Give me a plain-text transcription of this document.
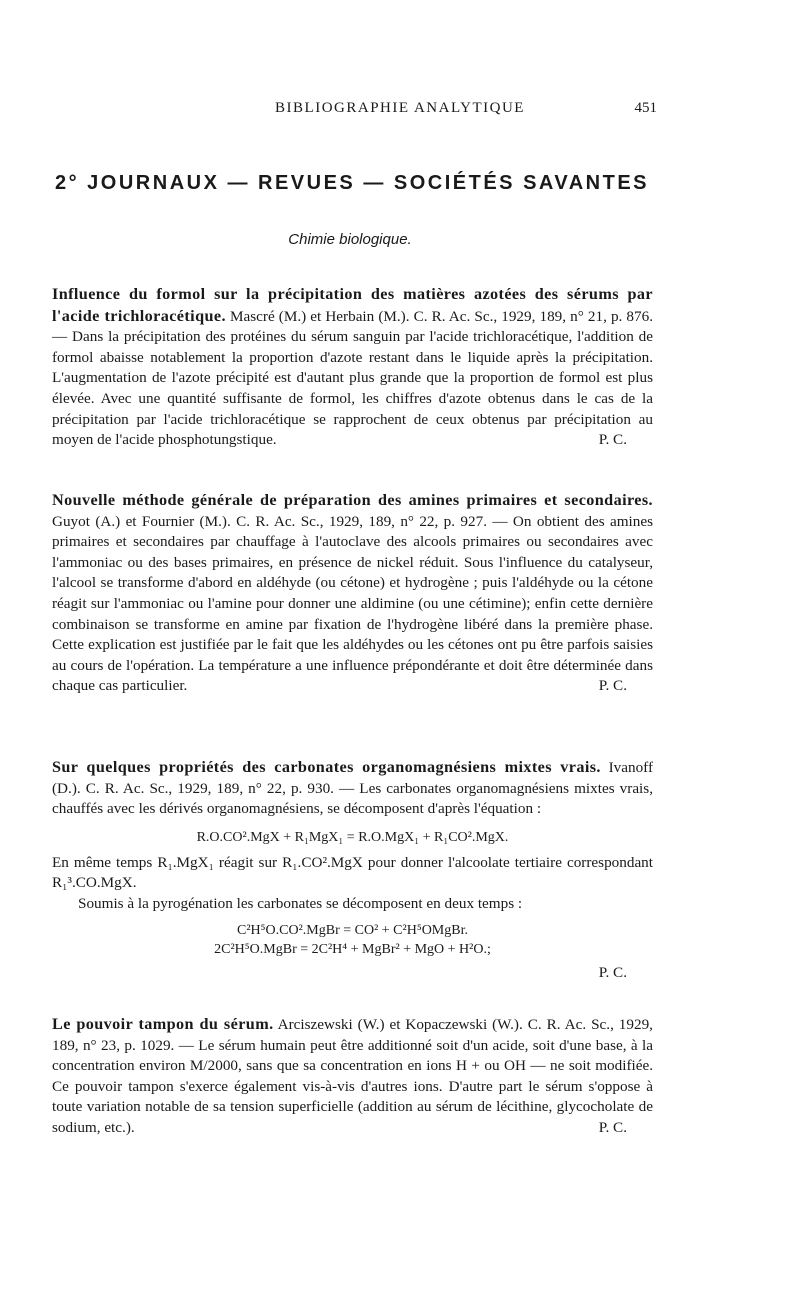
BIBLIOGRAPHIE ANALYTIQUE	451
2° JOURNAUX — REVUES — SOCIÉTÉS SAVANTES
Chimie biologique.

Influence du formol sur la précipitation des matières azotées des sérums par l'acide trichloracétique. Mascré (M.) et Herbain (M.). C. R. Ac. Sc., 1929, 189, n° 21, p. 876. — Dans la précipitation des protéines du sérum sanguin par l'acide trichloracétique, l'addition de formol abaisse notablement la proportion d'azote restant dans le liquide après la précipitation. L'augmentation de l'azote précipité est d'autant plus grande que la proportion de formol est plus élevée. Avec une quantité suffisante de formol, les chiffres d'azote obtenus dans le cas de la précipitation par l'acide trichloracétique se rapprochent de ceux obtenus par précipitation au moyen de l'acide phosphotungstique.	P. C.

Nouvelle méthode générale de préparation des amines primaires et secondaires. Guyot (A.) et Fournier (M.). C. R. Ac. Sc., 1929, 189, n° 22, p. 927. — On obtient des amines primaires et secondaires par chauffage à l'autoclave des alcools primaires ou secondaires avec l'ammoniac ou des bases primaires, en présence de nickel réduit. Sous l'influence du catalyseur, l'alcool se transforme d'abord en aldéhyde (ou cétone) et hydrogène ; puis l'aldéhyde ou la cétone réagit sur l'ammoniac ou l'amine pour donner une aldimine (ou une cétimine); enfin cette dernière combinaison se transforme en amine par fixation de l'hydrogène libéré dans la première phase. Cette explication est justifiée par le fait que les aldéhydes ou les cétones ont pu être parfois saisies au cours de l'opération. La température a une influence prépondérante et doit être déterminée dans chaque cas particulier.	P. C.

Sur quelques propriétés des carbonates organomagnésiens mixtes vrais. Ivanoff (D.). C. R. Ac. Sc., 1929, 189, n° 22, p. 930. — Les carbonates organomagnésiens mixtes vrais, chauffés avec les dérivés organomagnésiens, se décomposent d'après l'équation :

R.O.CO².MgX + R₁MgX₁ = R.O.MgX₁ + R₁CO².MgX.

En même temps R₁.MgX₁ réagit sur R₁.CO².MgX pour donner l'alcoolate tertiaire correspondant R₁³.CO.MgX.

Soumis à la pyrogénation les carbonates se décomposent en deux temps :

C²H⁵O.CO².MgBr = CO² + C²H⁵OMgBr.
2C²H⁵O.MgBr = 2C²H⁴ + MgBr² + MgO + H²O.;
P. C.

Le pouvoir tampon du sérum. Arciszewski (W.) et Kopaczewski (W.). C. R. Ac. Sc., 1929, 189, n° 23, p. 1029. — Le sérum humain peut être additionné soit d'un acide, soit d'une base, à la concentration environ M/2000, sans que sa concentration en ions H + ou OH — ne soit modifiée. Ce pouvoir tampon s'exerce également vis-à-vis d'autres ions. D'autre part le sérum s'oppose à toute variation notable de sa tension superficielle (addition au sérum de lécithine, glycocholate de sodium, etc.).	P. C.
